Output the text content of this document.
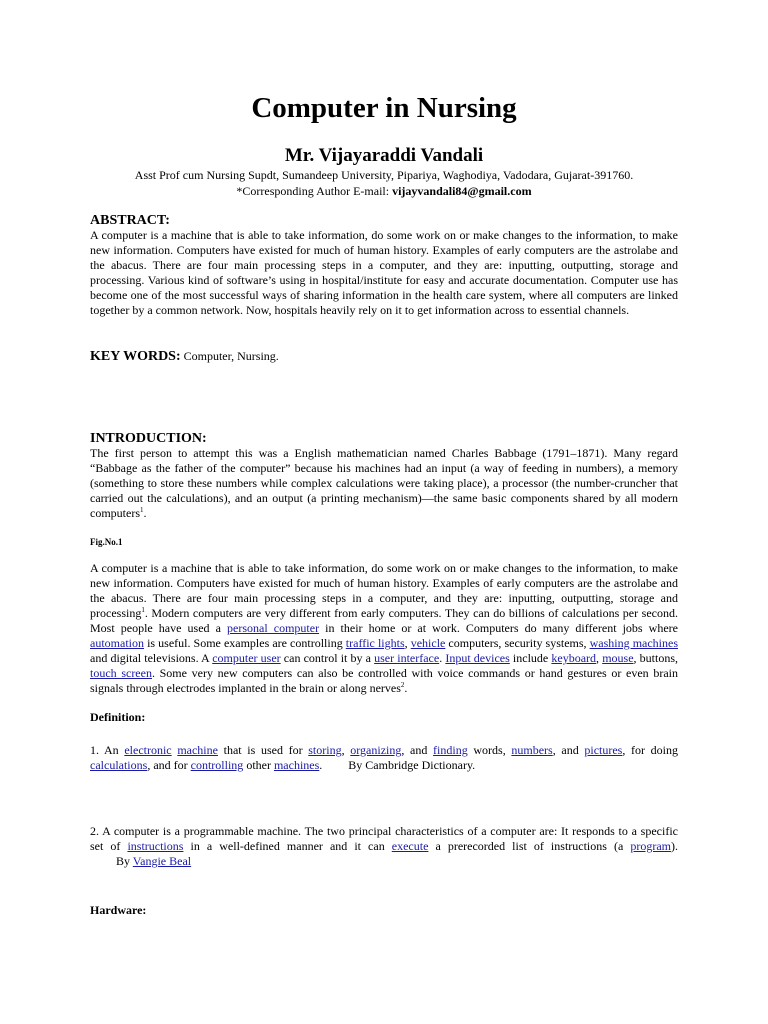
Computer in Nursing
Mr. Vijayaraddi Vandali
Asst Prof cum Nursing Supdt, Sumandeep University, Pipariya, Waghodiya, Vadodara, Gujarat-391760.
*Corresponding Author E-mail: vijayvandali84@gmail.com
ABSTRACT:
A computer is a machine that is able to take information, do some work on or make changes to the information, to make new information. Computers have existed for much of human history. Examples of early computers are the astrolabe and the abacus. There are four main processing steps in a computer, and they are: inputting, outputting, storage and processing. Various kind of software’s using in hospital/institute for easy and accurate documentation. Computer use has become one of the most successful ways of sharing information in the health care system, where all computers are linked together by a common network. Now, hospitals heavily rely on it to get information across to essential channels.
KEY WORDS: Computer, Nursing.
INTRODUCTION:
The first person to attempt this was a English mathematician named Charles Babbage (1791–1871). Many regard “Babbage as the father of the computer” because his machines had an input (a way of feeding in numbers), a memory (something to store these numbers while complex calculations were taking place), a processor (the number-cruncher that carried out the calculations), and an output (a printing mechanism)—the same basic components shared by all modern computers$^1$.
Fig.No.1
A computer is a machine that is able to take information, do some work on or make changes to the information, to make new information. Computers have existed for much of human history. Examples of early computers are the astrolabe and the abacus. There are four main processing steps in a computer, and they are: inputting, outputting, storage and processing$^1$. Modern computers are very different from early computers. They can do billions of calculations per second. Most people have used a personal computer in their home or at work. Computers do many different jobs where automation is useful. Some examples are controlling traffic lights, vehicle computers, security systems, washing machines and digital televisions. A computer user can control it by a user interface. Input devices include keyboard, mouse, buttons, touch screen. Some very new computers can also be controlled with voice commands or hand gestures or even brain signals through electrodes implanted in the brain or along nerves$^2$.
Definition:
1. An electronic machine that is used for storing, organizing, and finding words, numbers, and pictures, for doing calculations, and for controlling other machines. By Cambridge Dictionary.
2. A computer is a programmable machine. The two principal characteristics of a computer are: It responds to a specific set of instructions in a well-defined manner and it can execute a prerecorded list of instructions (a program).By Vangie Beal
Hardware:
